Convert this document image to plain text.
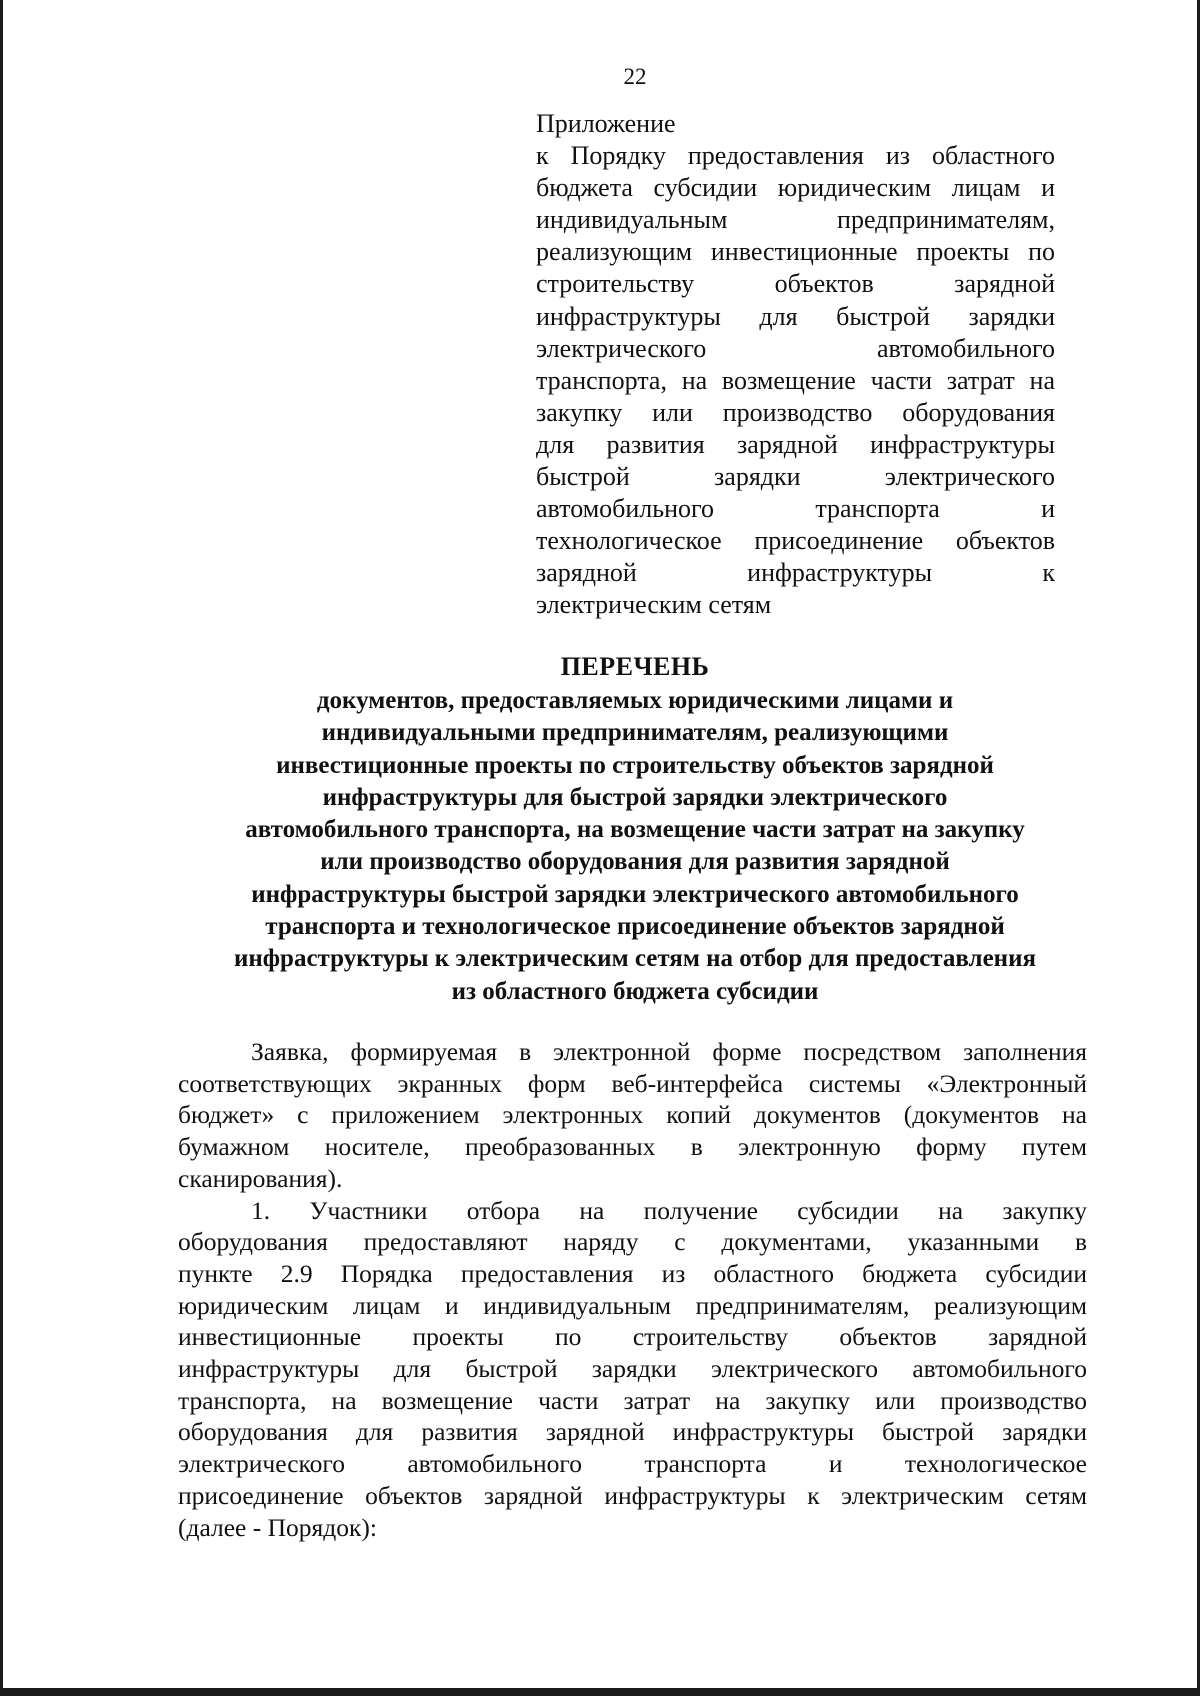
22
Приложение
к Порядку предоставления из областного
бюджета субсидии юридическим лицам и
индивидуальным предпринимателям,
реализующим инвестиционные проекты по
строительству объектов зарядной
инфраструктуры для быстрой зарядки
электрического автомобильного
транспорта, на возмещение части затрат на
закупку или производство оборудования
для развития зарядной инфраструктуры
быстрой зарядки электрического
автомобильного транспорта и
технологическое присоединение объектов
зарядной инфраструктуры к
электрическим сетям
ПЕРЕЧЕНЬ
документов, предоставляемых юридическими лицами и
индивидуальными предпринимателям, реализующими
инвестиционные проекты по строительству объектов зарядной
инфраструктуры для быстрой зарядки электрического
автомобильного транспорта, на возмещение части затрат на закупку
или производство оборудования для развития зарядной
инфраструктуры быстрой зарядки электрического автомобильного
транспорта и технологическое присоединение объектов зарядной
инфраструктуры к электрическим сетям на отбор для предоставления
из областного бюджета субсидии
Заявка, формируемая в электронной форме посредством заполнения
соответствующих экранных форм веб-интерфейса системы «Электронный
бюджет» с приложением электронных копий документов (документов на
бумажном носителе, преобразованных в электронную форму путем
сканирования).
1. Участники отбора на получение субсидии на закупку
оборудования предоставляют наряду с документами, указанными в
пункте 2.9 Порядка предоставления из областного бюджета субсидии
юридическим лицам и индивидуальным предпринимателям, реализующим
инвестиционные проекты по строительству объектов зарядной
инфраструктуры для быстрой зарядки электрического автомобильного
транспорта, на возмещение части затрат на закупку или производство
оборудования для развития зарядной инфраструктуры быстрой зарядки
электрического автомобильного транспорта и технологическое
присоединение объектов зарядной инфраструктуры к электрическим сетям
(далее - Порядок):
